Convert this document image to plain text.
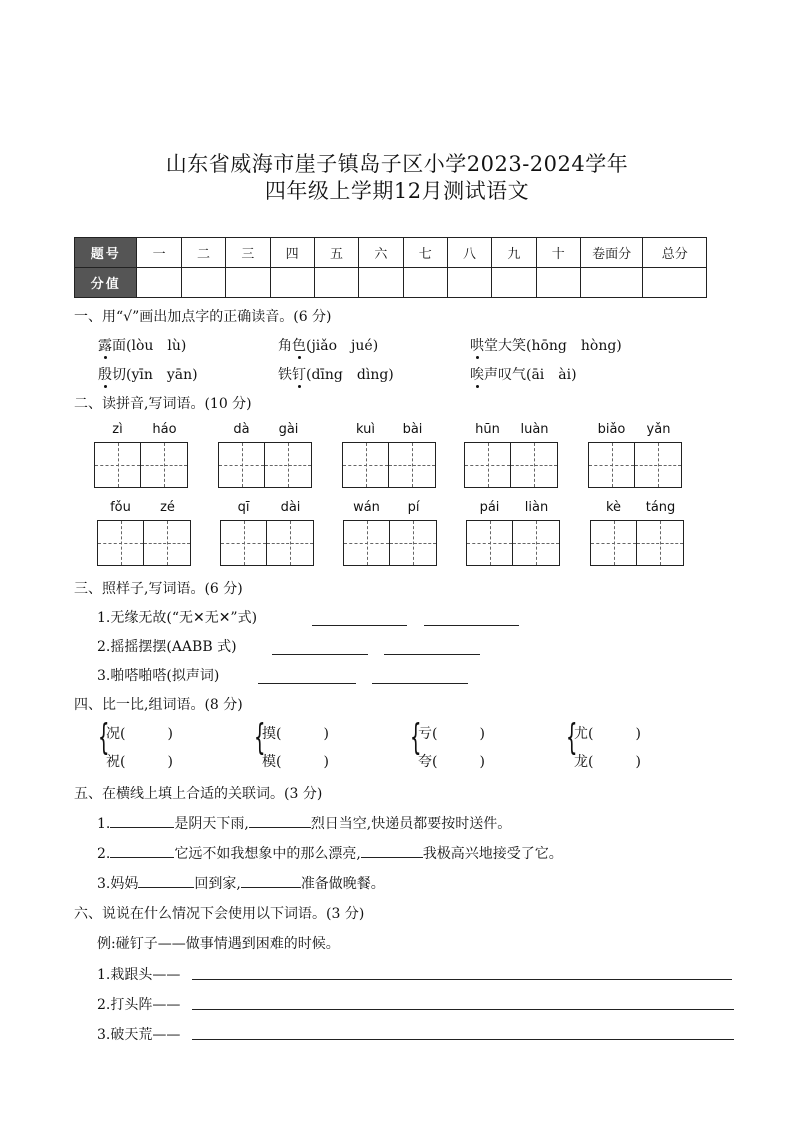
山东省威海市崖子镇岛子区小学2023-2024学年
四年级上学期12月测试语文
题号	一	二	三	四	五	六	七	八	九	十	卷面分	总分
分值												
一、用“√”画出加点字的正确读音。(6 分)
露面(lòu　lù)	角色(jiǎo　jué)	哄堂大笑(hōng　hòng)
殷切(yīn　yān)	铁钉(dīng　dìng)	唉声叹气(āi　ài)
二、读拼音,写词语。(10 分)
zì	háo	dà	gài	kuì	bài	hūn	luàn	biǎo	yǎn
fǒu	zé	qī	dài	wán	pí	pái	liàn	kè	táng
三、照样子,写词语。(6 分)
1.无缘无故(“无✕无✕”式)
2.摇摇摆摆(AABB 式)
3.啪嗒啪嗒(拟声词)
四、比一比,组词语。(8 分)
{
况(　　　)
祝(　　　)
{
摸(　　　)
模(　　　)
{
亏(　　　)
夸(　　　)
{
尤(　　　)
龙(　　　)
五、在横线上填上合适的关联词。(3 分)
1.	是阴天下雨,	烈日当空,快递员都要按时送件。
2.	它远不如我想象中的那么漂亮,	我极高兴地接受了它。
3.妈妈	回到家,	准备做晚餐。
六、说说在什么情况下会使用以下词语。(3 分)
例:碰钉子——做事情遇到困难的时候。
1.栽跟头——
2.打头阵——
3.破天荒——
